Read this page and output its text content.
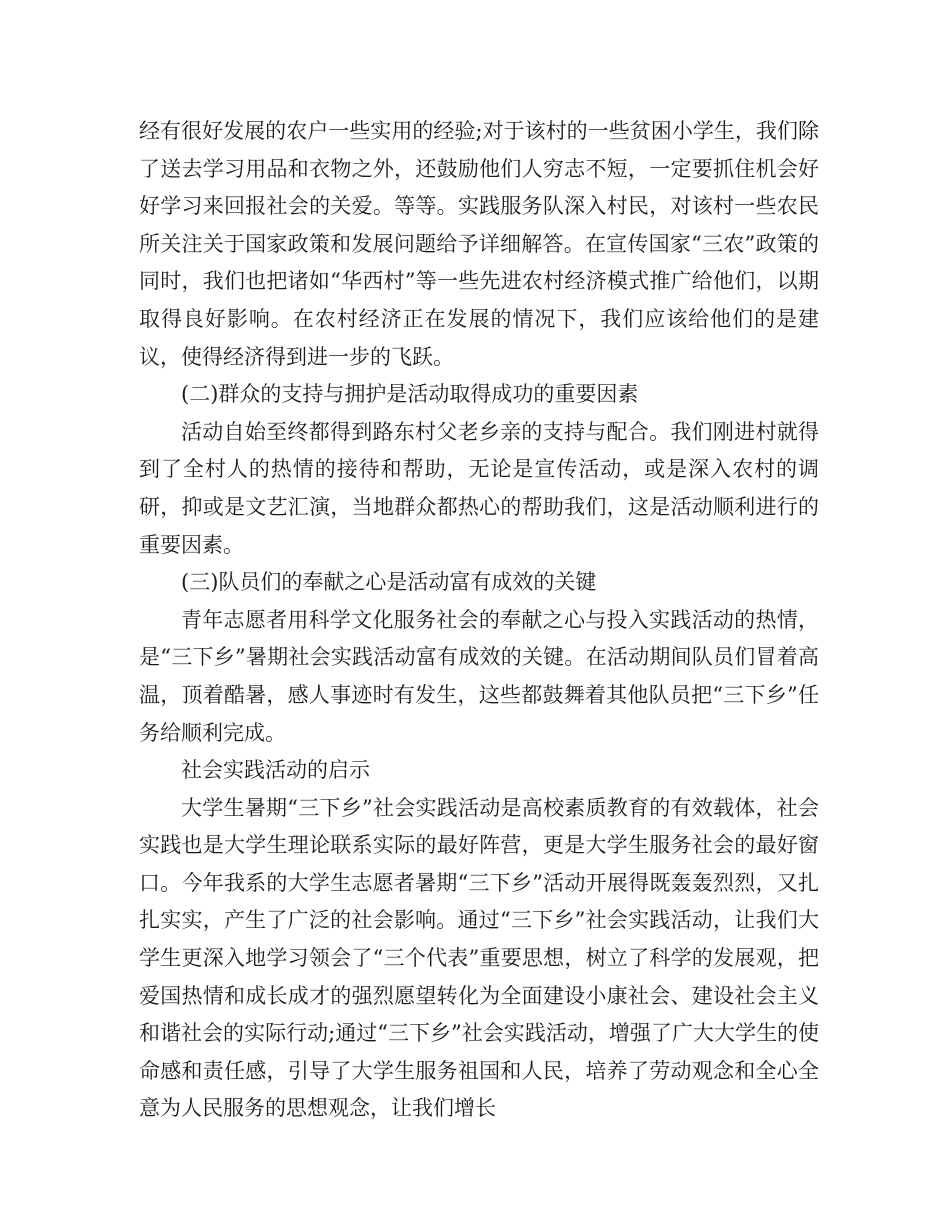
经有很好发展的农户一些实用的经验;对于该村的一些贫困小学生，我们除了送去学习用品和衣物之外，还鼓励他们人穷志不短，一定要抓住机会好好学习来回报社会的关爱。等等。实践服务队深入村民，对该村一些农民所关注关于国家政策和发展问题给予详细解答。在宣传国家“三农”政策的同时，我们也把诸如“华西村”等一些先进农村经济模式推广给他们，以期取得良好影响。在农村经济正在发展的情况下，我们应该给他们的是建议，使得经济得到进一步的飞跃。

(二)群众的支持与拥护是活动取得成功的重要因素

活动自始至终都得到路东村父老乡亲的支持与配合。我们刚进村就得到了全村人的热情的接待和帮助，无论是宣传活动，或是深入农村的调研，抑或是文艺汇演，当地群众都热心的帮助我们，这是活动顺利进行的重要因素。

(三)队员们的奉献之心是活动富有成效的关键

青年志愿者用科学文化服务社会的奉献之心与投入实践活动的热情，是“三下乡”暑期社会实践活动富有成效的关键。在活动期间队员们冒着高温，顶着酷暑，感人事迹时有发生，这些都鼓舞着其他队员把“三下乡”任务给顺利完成。

社会实践活动的启示

大学生暑期“三下乡”社会实践活动是高校素质教育的有效载体，社会实践也是大学生理论联系实际的最好阵营，更是大学生服务社会的最好窗口。今年我系的大学生志愿者暑期“三下乡”活动开展得既轰轰烈烈，又扎扎实实，产生了广泛的社会影响。通过“三下乡”社会实践活动，让我们大学生更深入地学习领会了“三个代表”重要思想，树立了科学的发展观，把爱国热情和成长成才的强烈愿望转化为全面建设小康社会、建设社会主义和谐社会的实际行动;通过“三下乡”社会实践活动，增强了广大大学生的使命感和责任感，引导了大学生服务祖国和人民，培养了劳动观念和全心全意为人民服务的思想观念，让我们增长
